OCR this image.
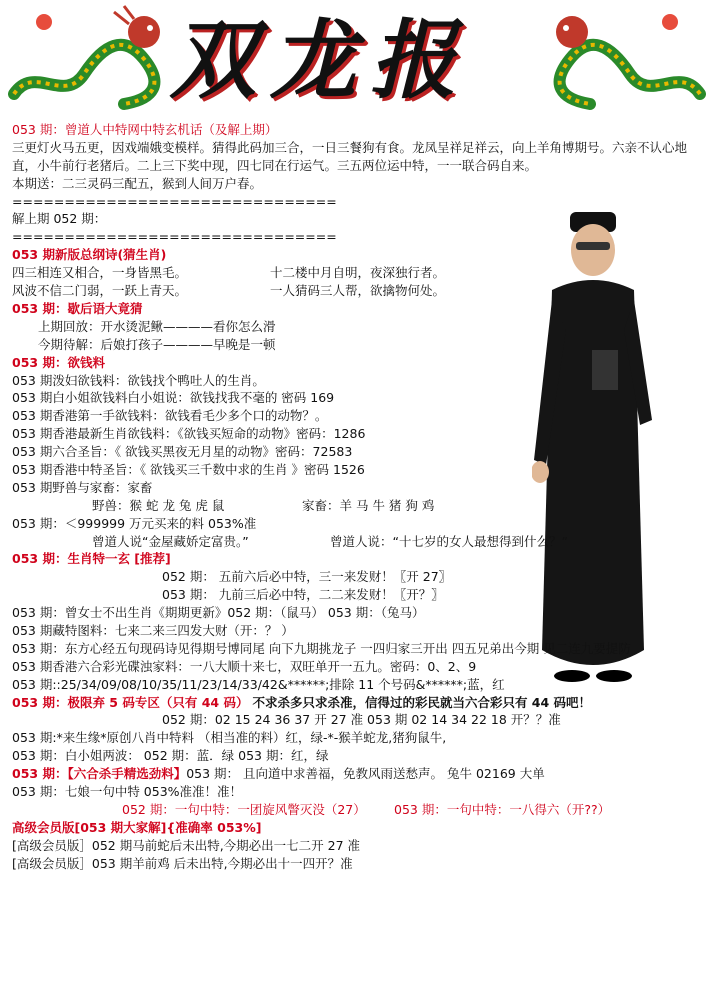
双龙报
053 期：曾道人中特网中特玄机话（及解上期）
三更灯火马五更，因戏端娥变模样。猜得此码加三合，一日三餐狗有食。龙凤呈祥足祥云，向上羊角博期号。六亲不认心地直，小牛前行老猪后。二上三下奖中现，四七同在行运气。三五两位运中特，一一联合码自来。
本期送：二三灵码三配五，猴到人间万户春。
===============================
解上期 052 期：
===============================
053 期新版总纲诗(猜生肖)
四三相连又相合，一身皆黑毛。	十二楼中月自明，夜深独行者。
风波不信二门弱，一跃上青天。	一人猜码三人帮，欲擒物何处。
053 期：歇后语大竟猜
上期回放：开水烫泥鳅————看你怎么滑
今期待解：后娘打孩子————早晚是一顿
053 期：欲钱料
053 期泼妇欲钱料：欲钱找个鸭吐人的生肖。
053 期白小姐欲钱料白小姐说：欲钱找我不毫的 密码 169
053 期香港第一手欲钱料：欲钱看毛少多个口的动物？。
053 期香港最新生肖欲钱料：《欲钱买短命的动物》密码：1286
053 期六合圣旨：《 欲钱买黑夜无月星的动物》密码：72583
053 期香港中特圣旨：《 欲钱买三千数中求的生肖 》密码 1526
053 期野兽与家畜：家畜
野兽：猴 蛇 龙 兔 虎 鼠	家畜：羊 马 牛 猪 狗 鸡
053 期：＜999999 万元买来的料 053%准
曾道人说“金屋藏娇定富贵。”	曾道人说：“十七岁的女人最想得到什么？”
053 期：生肖特一玄 [推荐]
052 期： 五前六后必中特，三一来发财！〖开 27〗
053 期： 九前三后必中特，二二来发财！〖开？〗
053 期：曾女士不出生肖《期期更新》052 期：（鼠马） 053 期：（兔马）
053 期藏特图料：七来二来三四发大财（开：？ ）
053 期：东方心经五句现码诗见得期号博同尾 向下九期挑龙子 一四归家三开出 四五兄弟出今期 见二连九要提防
053 期香港六合彩光碟浊家料：一八大顺十来七，双旺单开一五九。密码：0、2、9
053 期::25/34/09/08/10/35/11/23/14/33/42&******;排除 11 个号码&******;蓝，红
053 期：极限弃 5 码专区（只有 44 码） 不求杀多只求杀准，信得过的彩民就当六合彩只有 44 码吧！
052 期：02 15 24 36 37 开 27 准 053 期 02 14 34 22 18 开？？准
053 期:*来生缘*原创八肖中特料 （相当准的料）红，绿-*-猴羊蛇龙,猪狗鼠牛,
053 期：白小姐两波： 052 期：蓝．绿 053 期：红，绿
053 期：【六合杀手精选劲料】053 期： 且向道中求善福，免教风雨送愁声。 兔牛 02169 大单
053 期：七娘一句中特 053%准准！准！
052 期：一句中特：一团旋风瞥灭没（27） 053 期：一句中特：一八得六（开??）
高级会员版[053 期大家解]{准确率 053%]
[高级会员版］052 期马前蛇后未出特,今期必出一七二开 27 准
[高级会员版］053 期羊前鸡 后未出特,今期必出十一四开？准
